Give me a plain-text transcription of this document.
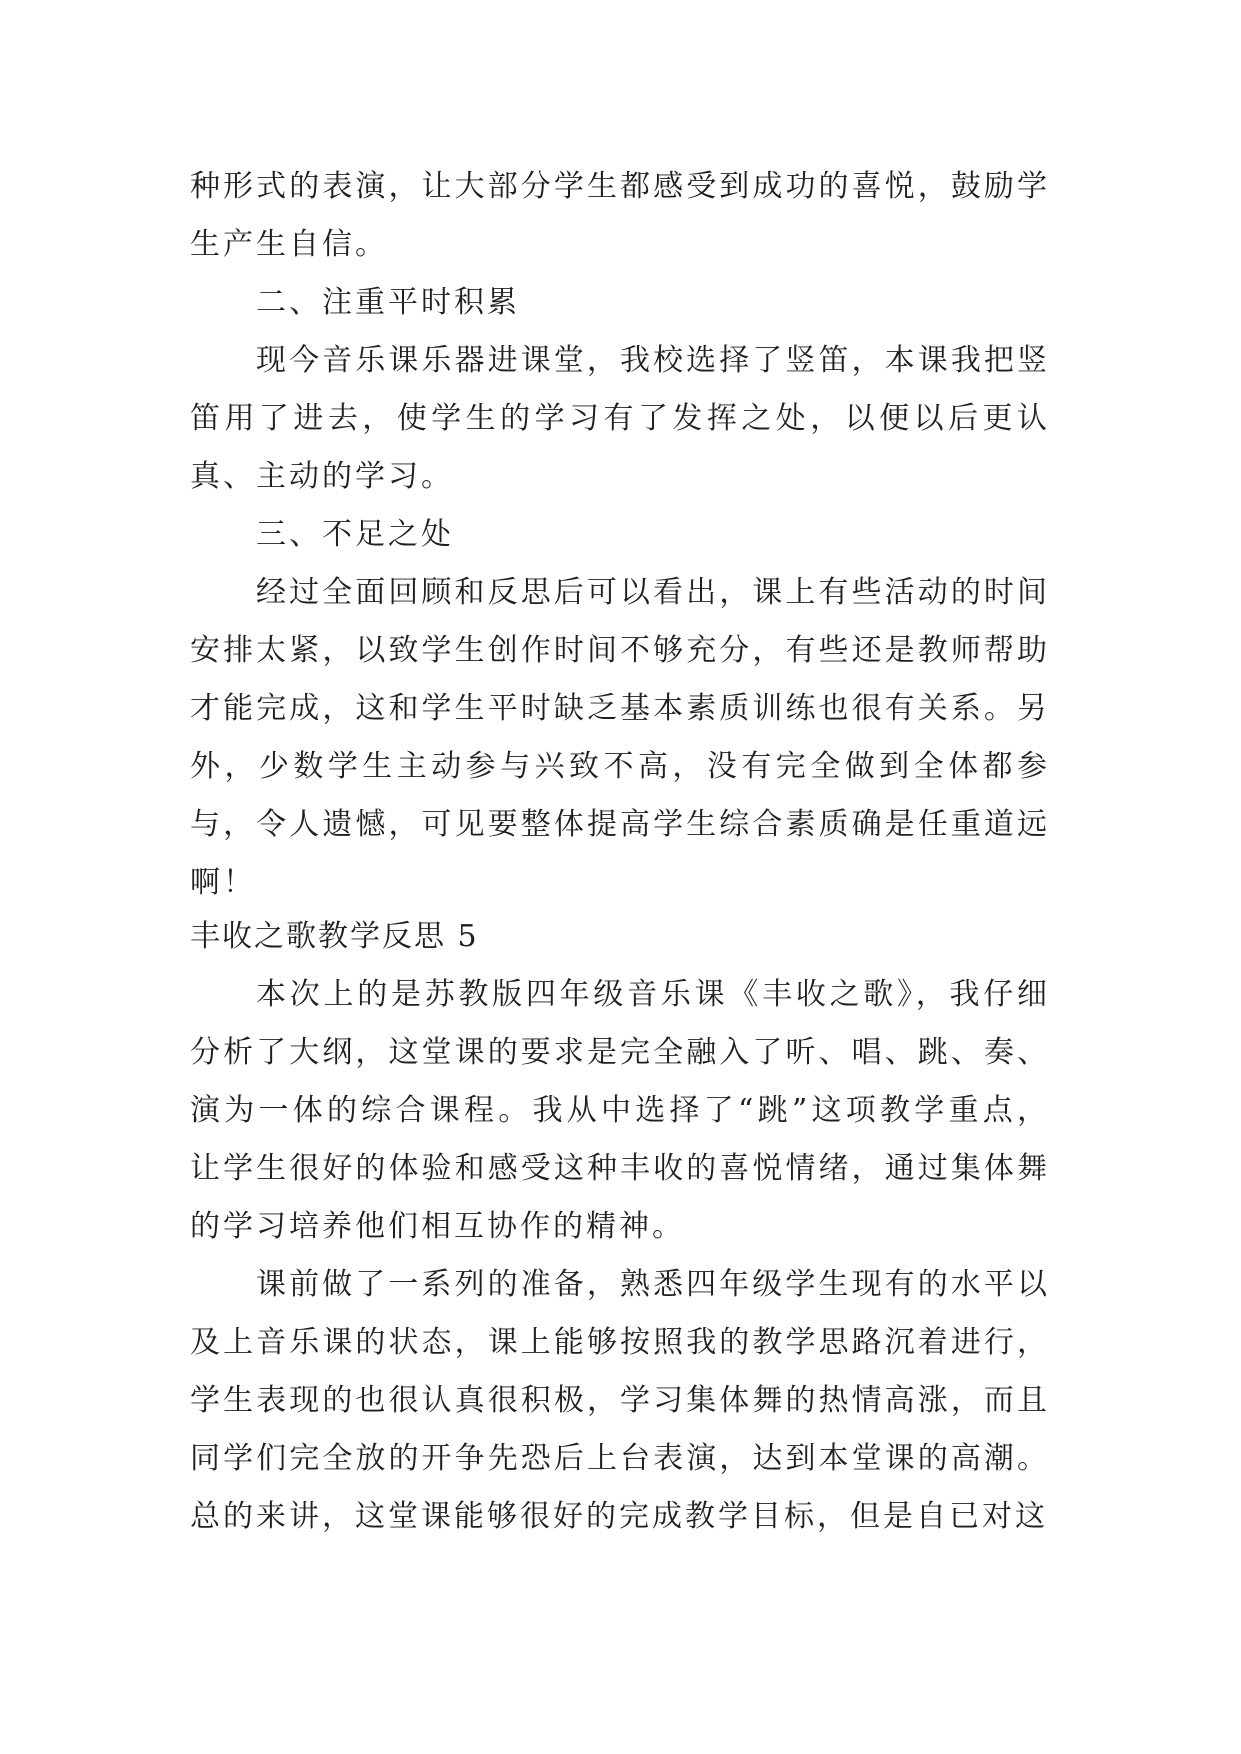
种形式的表演，让大部分学生都感受到成功的喜悦，鼓励学生产生自信。

二、注重平时积累

现今音乐课乐器进课堂，我校选择了竖笛，本课我把竖笛用了进去，使学生的学习有了发挥之处，以便以后更认真、主动的学习。

三、不足之处

经过全面回顾和反思后可以看出，课上有些活动的时间安排太紧，以致学生创作时间不够充分，有些还是教师帮助才能完成，这和学生平时缺乏基本素质训练也很有关系。另外，少数学生主动参与兴致不高，没有完全做到全体都参与，令人遗憾，可见要整体提高学生综合素质确是任重道远啊！

丰收之歌教学反思 5

本次上的是苏教版四年级音乐课《丰收之歌》，我仔细分析了大纲，这堂课的要求是完全融入了听、唱、跳、奏、演为一体的综合课程。我从中选择了“跳”这项教学重点，让学生很好的体验和感受这种丰收的喜悦情绪，通过集体舞的学习培养他们相互协作的精神。

课前做了一系列的准备，熟悉四年级学生现有的水平以及上音乐课的状态，课上能够按照我的教学思路沉着进行，学生表现的也很认真很积极，学习集体舞的热情高涨，而且同学们完全放的开争先恐后上台表演，达到本堂课的高潮。总的来讲，这堂课能够很好的完成教学目标，但是自已对这
